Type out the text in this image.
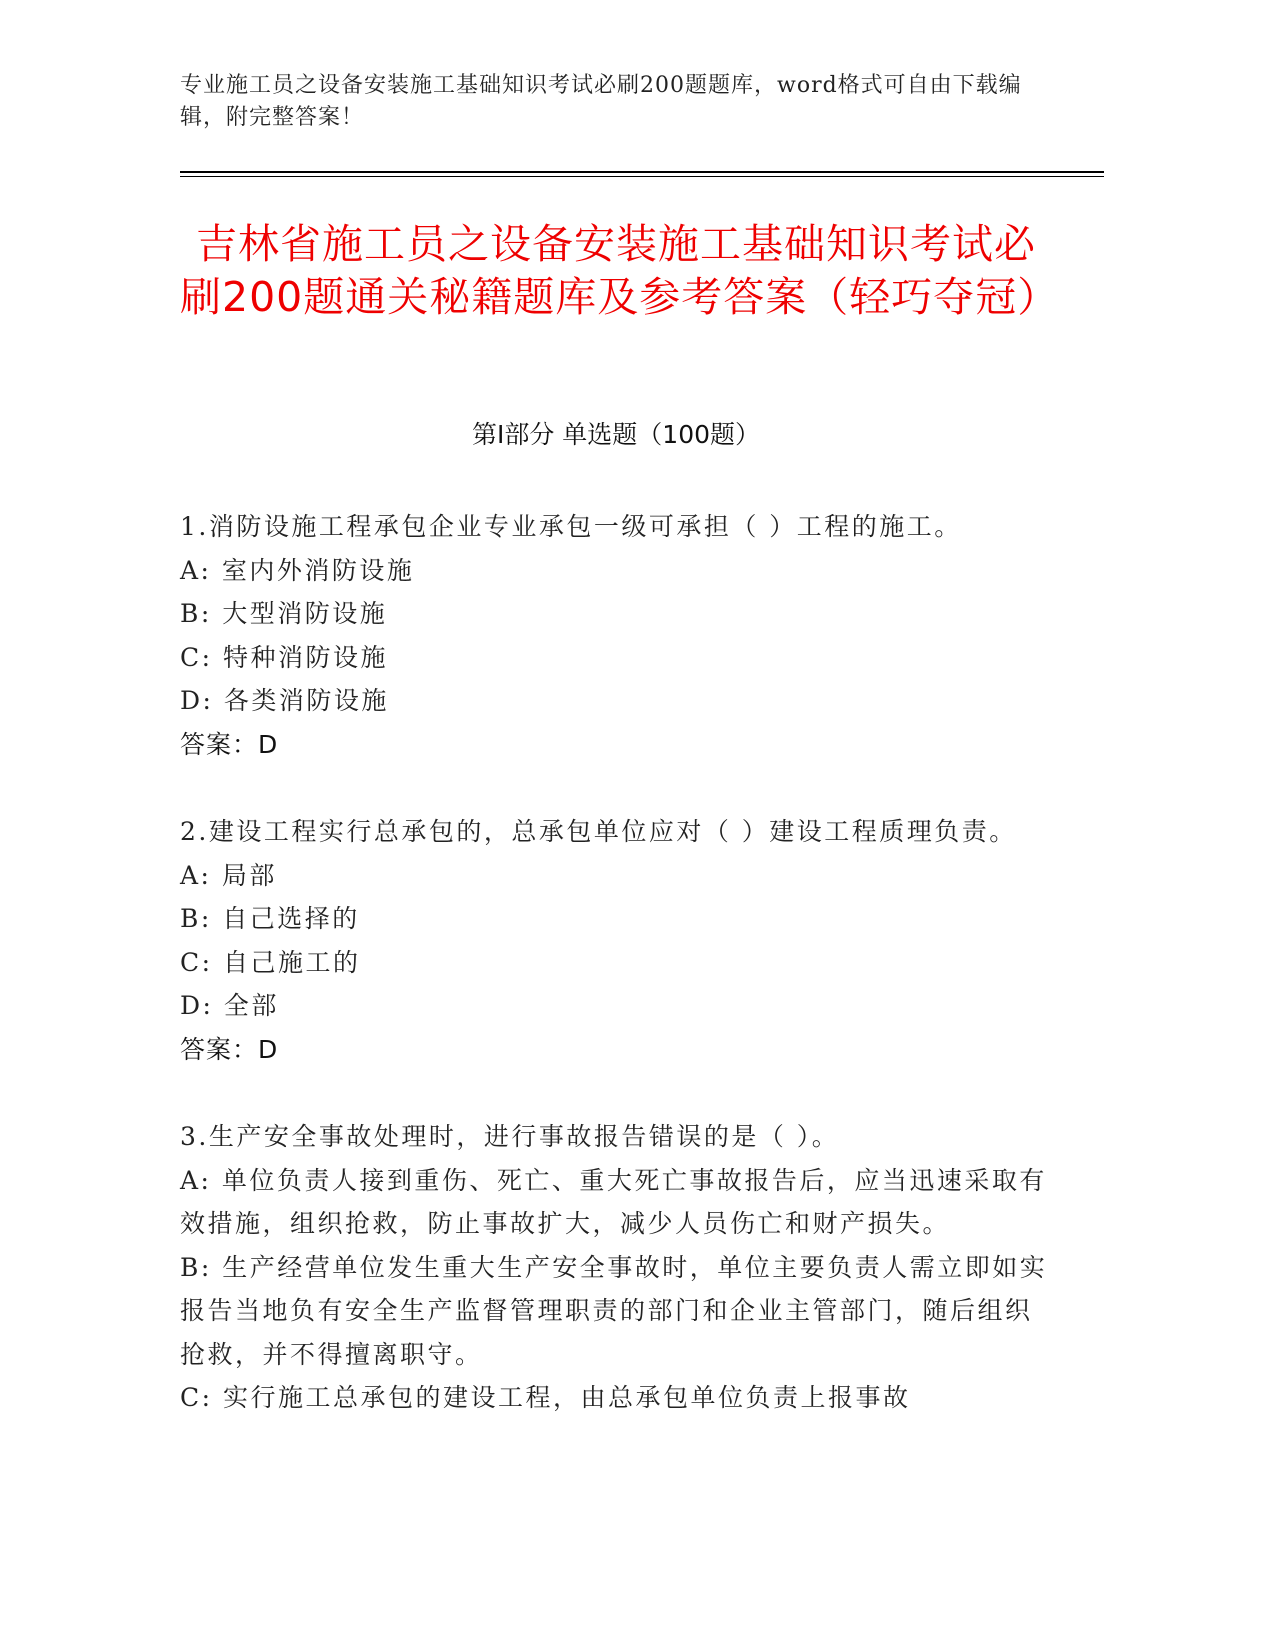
专业施工员之设备安装施工基础知识考试必刷200题题库，word格式可自由下载编辑，附完整答案！
吉林省施工员之设备安装施工基础知识考试必刷200题通关秘籍题库及参考答案（轻巧夺冠）
第Ⅰ部分 单选题（100题）

1.消防设施工程承包企业专业承包一级可承担（ ）工程的施工。

A: 室内外消防设施

B: 大型消防设施

C: 特种消防设施

D: 各类消防设施

答案：D

2.建设工程实行总承包的，总承包单位应对（ ）建设工程质理负责。

A: 局部

B: 自己选择的

C: 自己施工的

D: 全部

答案：D

3.生产安全事故处理时，进行事故报告错误的是（ ）。

A: 单位负责人接到重伤、死亡、重大死亡事故报告后，应当迅速采取有效措施，组织抢救，防止事故扩大，减少人员伤亡和财产损失。

B: 生产经营单位发生重大生产安全事故时，单位主要负责人需立即如实报告当地负有安全生产监督管理职责的部门和企业主管部门，随后组织抢救，并不得擅离职守。

C: 实行施工总承包的建设工程，由总承包单位负责上报事故
